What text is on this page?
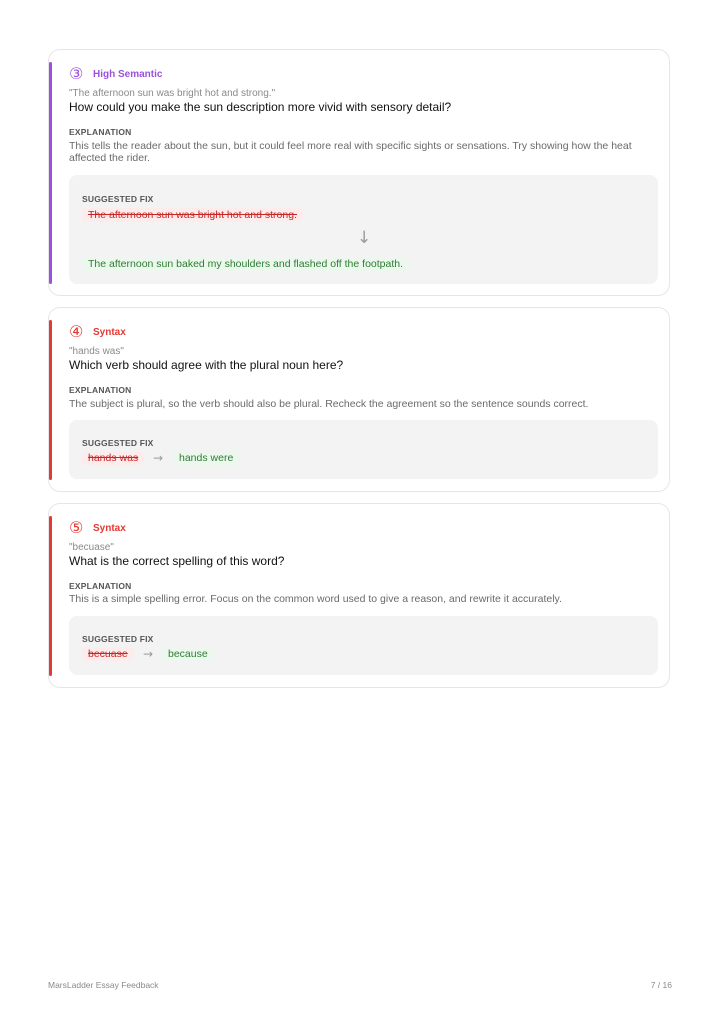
③ High Semantic
"The afternoon sun was bright hot and strong."
How could you make the sun description more vivid with sensory detail?
EXPLANATION
This tells the reader about the sun, but it could feel more real with specific sights or sensations. Try showing how the heat affected the rider.
SUGGESTED FIX
The afternoon sun was bright hot and strong.
↓
The afternoon sun baked my shoulders and flashed off the footpath.
④ Syntax
"hands was"
Which verb should agree with the plural noun here?
EXPLANATION
The subject is plural, so the verb should also be plural. Recheck the agreement so the sentence sounds correct.
SUGGESTED FIX
hands was	→	hands were
⑤ Syntax
"becuase"
What is the correct spelling of this word?
EXPLANATION
This is a simple spelling error. Focus on the common word used to give a reason, and rewrite it accurately.
SUGGESTED FIX
becuase	→	because
MarsLadder Essay Feedback	7 / 16
